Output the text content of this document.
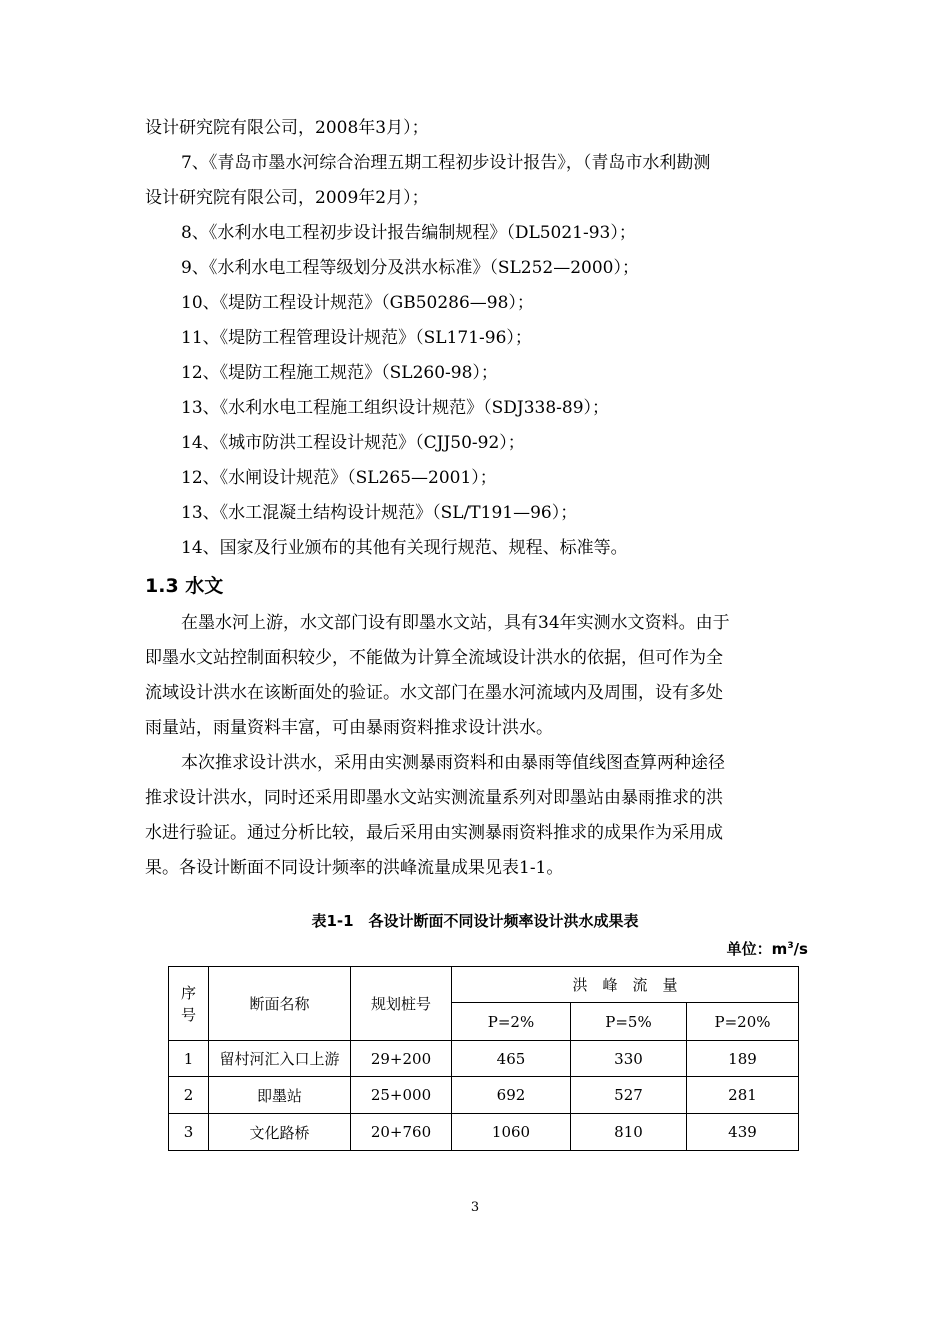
设计研究院有限公司，2008年3月）；
7、《青岛市墨水河综合治理五期工程初步设计报告》，（青岛市水利勘测
设计研究院有限公司，2009年2月）；
8、《水利水电工程初步设计报告编制规程》（DL5021-93）；
9、《水利水电工程等级划分及洪水标准》（SL252—2000）；
10、《堤防工程设计规范》（GB50286—98）；
11、《堤防工程管理设计规范》（SL171-96）；
12、《堤防工程施工规范》（SL260-98）；
13、《水利水电工程施工组织设计规范》（SDJ338-89）；
14、《城市防洪工程设计规范》（CJJ50-92）；
12、《水闸设计规范》（SL265—2001）；
13、《水工混凝土结构设计规范》（SL/T191—96）；
14、国家及行业颁布的其他有关现行规范、规程、标准等。
1.3 水文
在墨水河上游，水文部门设有即墨水文站，具有34年实测水文资料。由于
即墨水文站控制面积较少，不能做为计算全流域设计洪水的依据，但可作为全
流域设计洪水在该断面处的验证。水文部门在墨水河流域内及周围，设有多处
雨量站，雨量资料丰富，可由暴雨资料推求设计洪水。
本次推求设计洪水，采用由实测暴雨资料和由暴雨等值线图查算两种途径
推求设计洪水，同时还采用即墨水文站实测流量系列对即墨站由暴雨推求的洪
水进行验证。通过分析比较，最后采用由实测暴雨资料推求的成果作为采用成
果。各设计断面不同设计频率的洪峰流量成果见表1-1。
表1-1　各设计断面不同设计频率设计洪水成果表
单位：$m^3/s$
序号	断面名称	规划桩号	洪　峰　流　量		
			P=2%	P=5%	P=20%
1	留村河汇入口上游	29+200	465	330	189
2	即墨站	25+000	692	527	281
3	文化路桥	20+760	1060	810	439
3
